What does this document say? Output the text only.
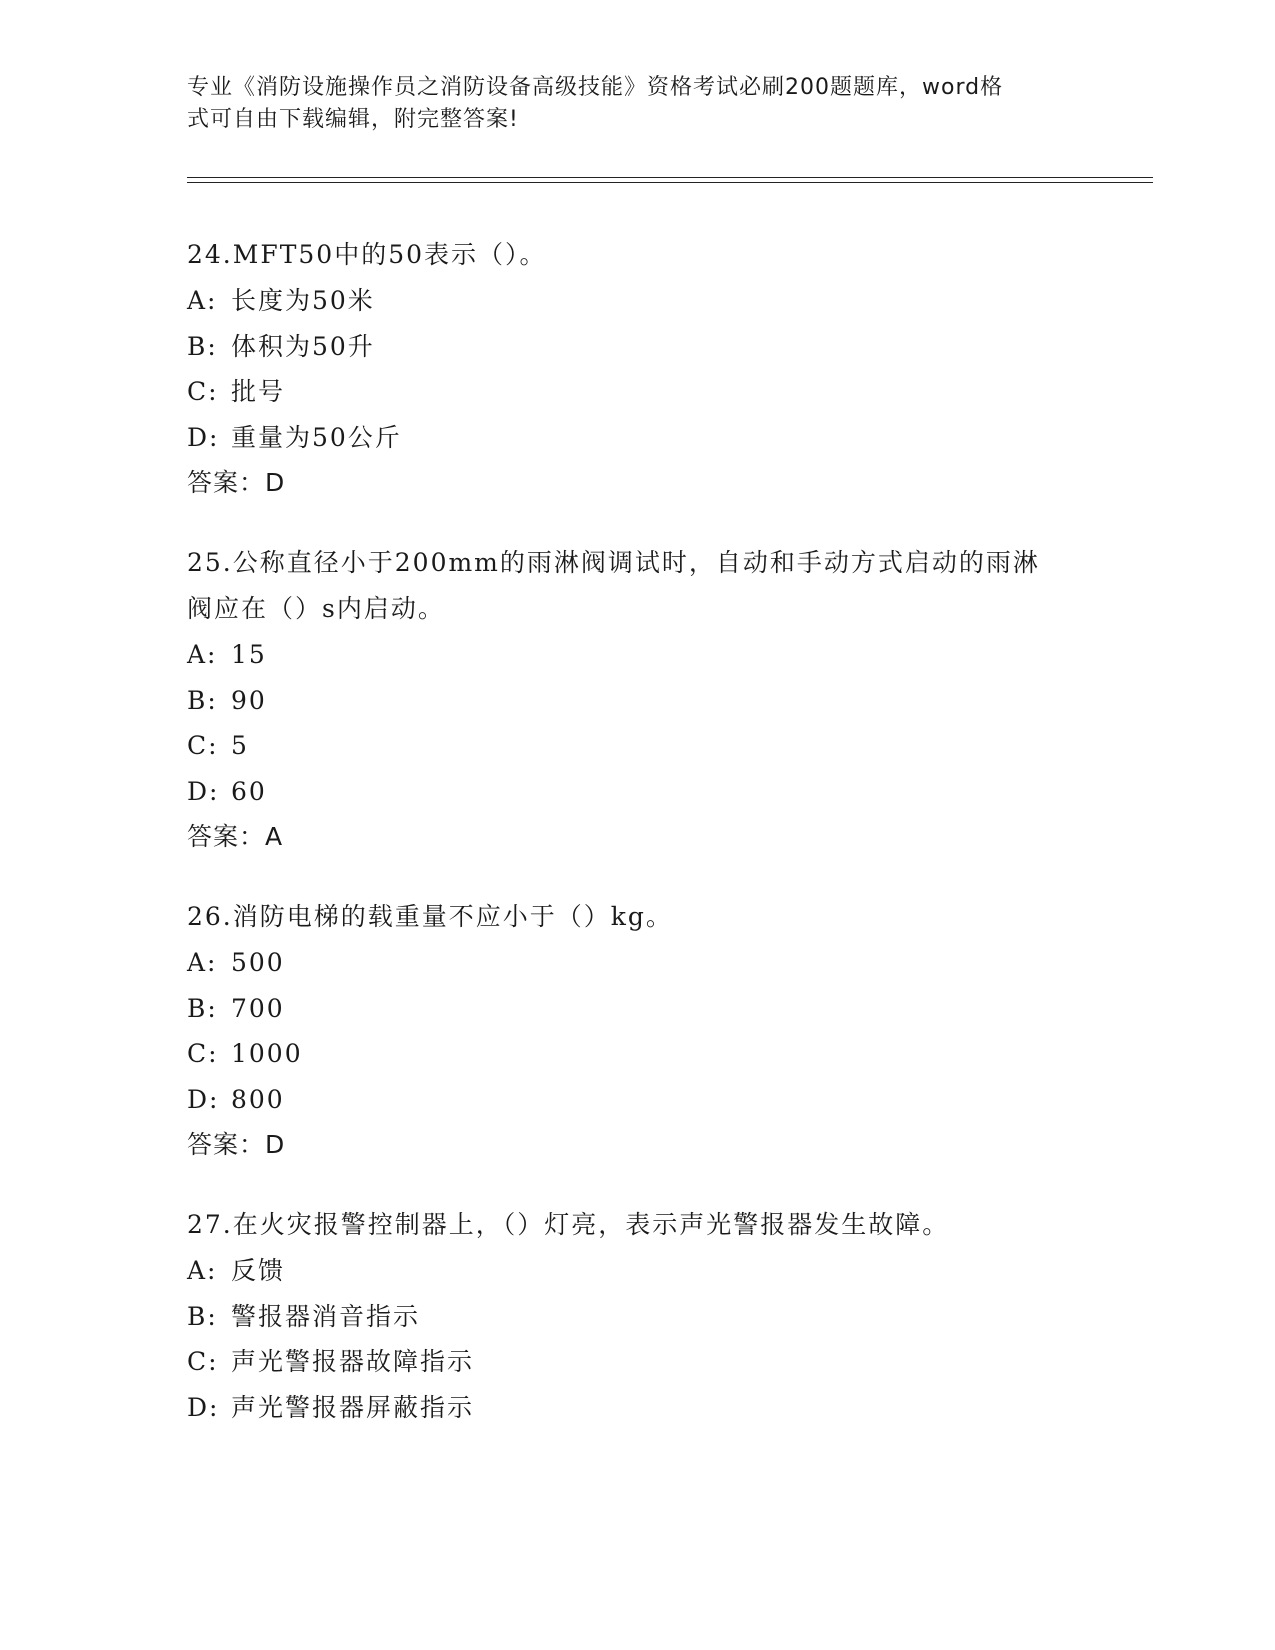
专业《消防设施操作员之消防设备高级技能》资格考试必刷200题题库，word格
式可自由下载编辑，附完整答案!
24.MFT50中的50表示（）。
A: 长度为50米
B: 体积为50升
C: 批号
D: 重量为50公斤
答案：D
25.公称直径小于200mm的雨淋阀调试时，自动和手动方式启动的雨淋
阀应在（）s内启动。
A: 15
B: 90
C: 5
D: 60
答案：A
26.消防电梯的载重量不应小于（）kg。
A: 500
B: 700
C: 1000
D: 800
答案：D
27.在火灾报警控制器上，（）灯亮，表示声光警报器发生故障。
A: 反馈
B: 警报器消音指示
C: 声光警报器故障指示
D: 声光警报器屏蔽指示
